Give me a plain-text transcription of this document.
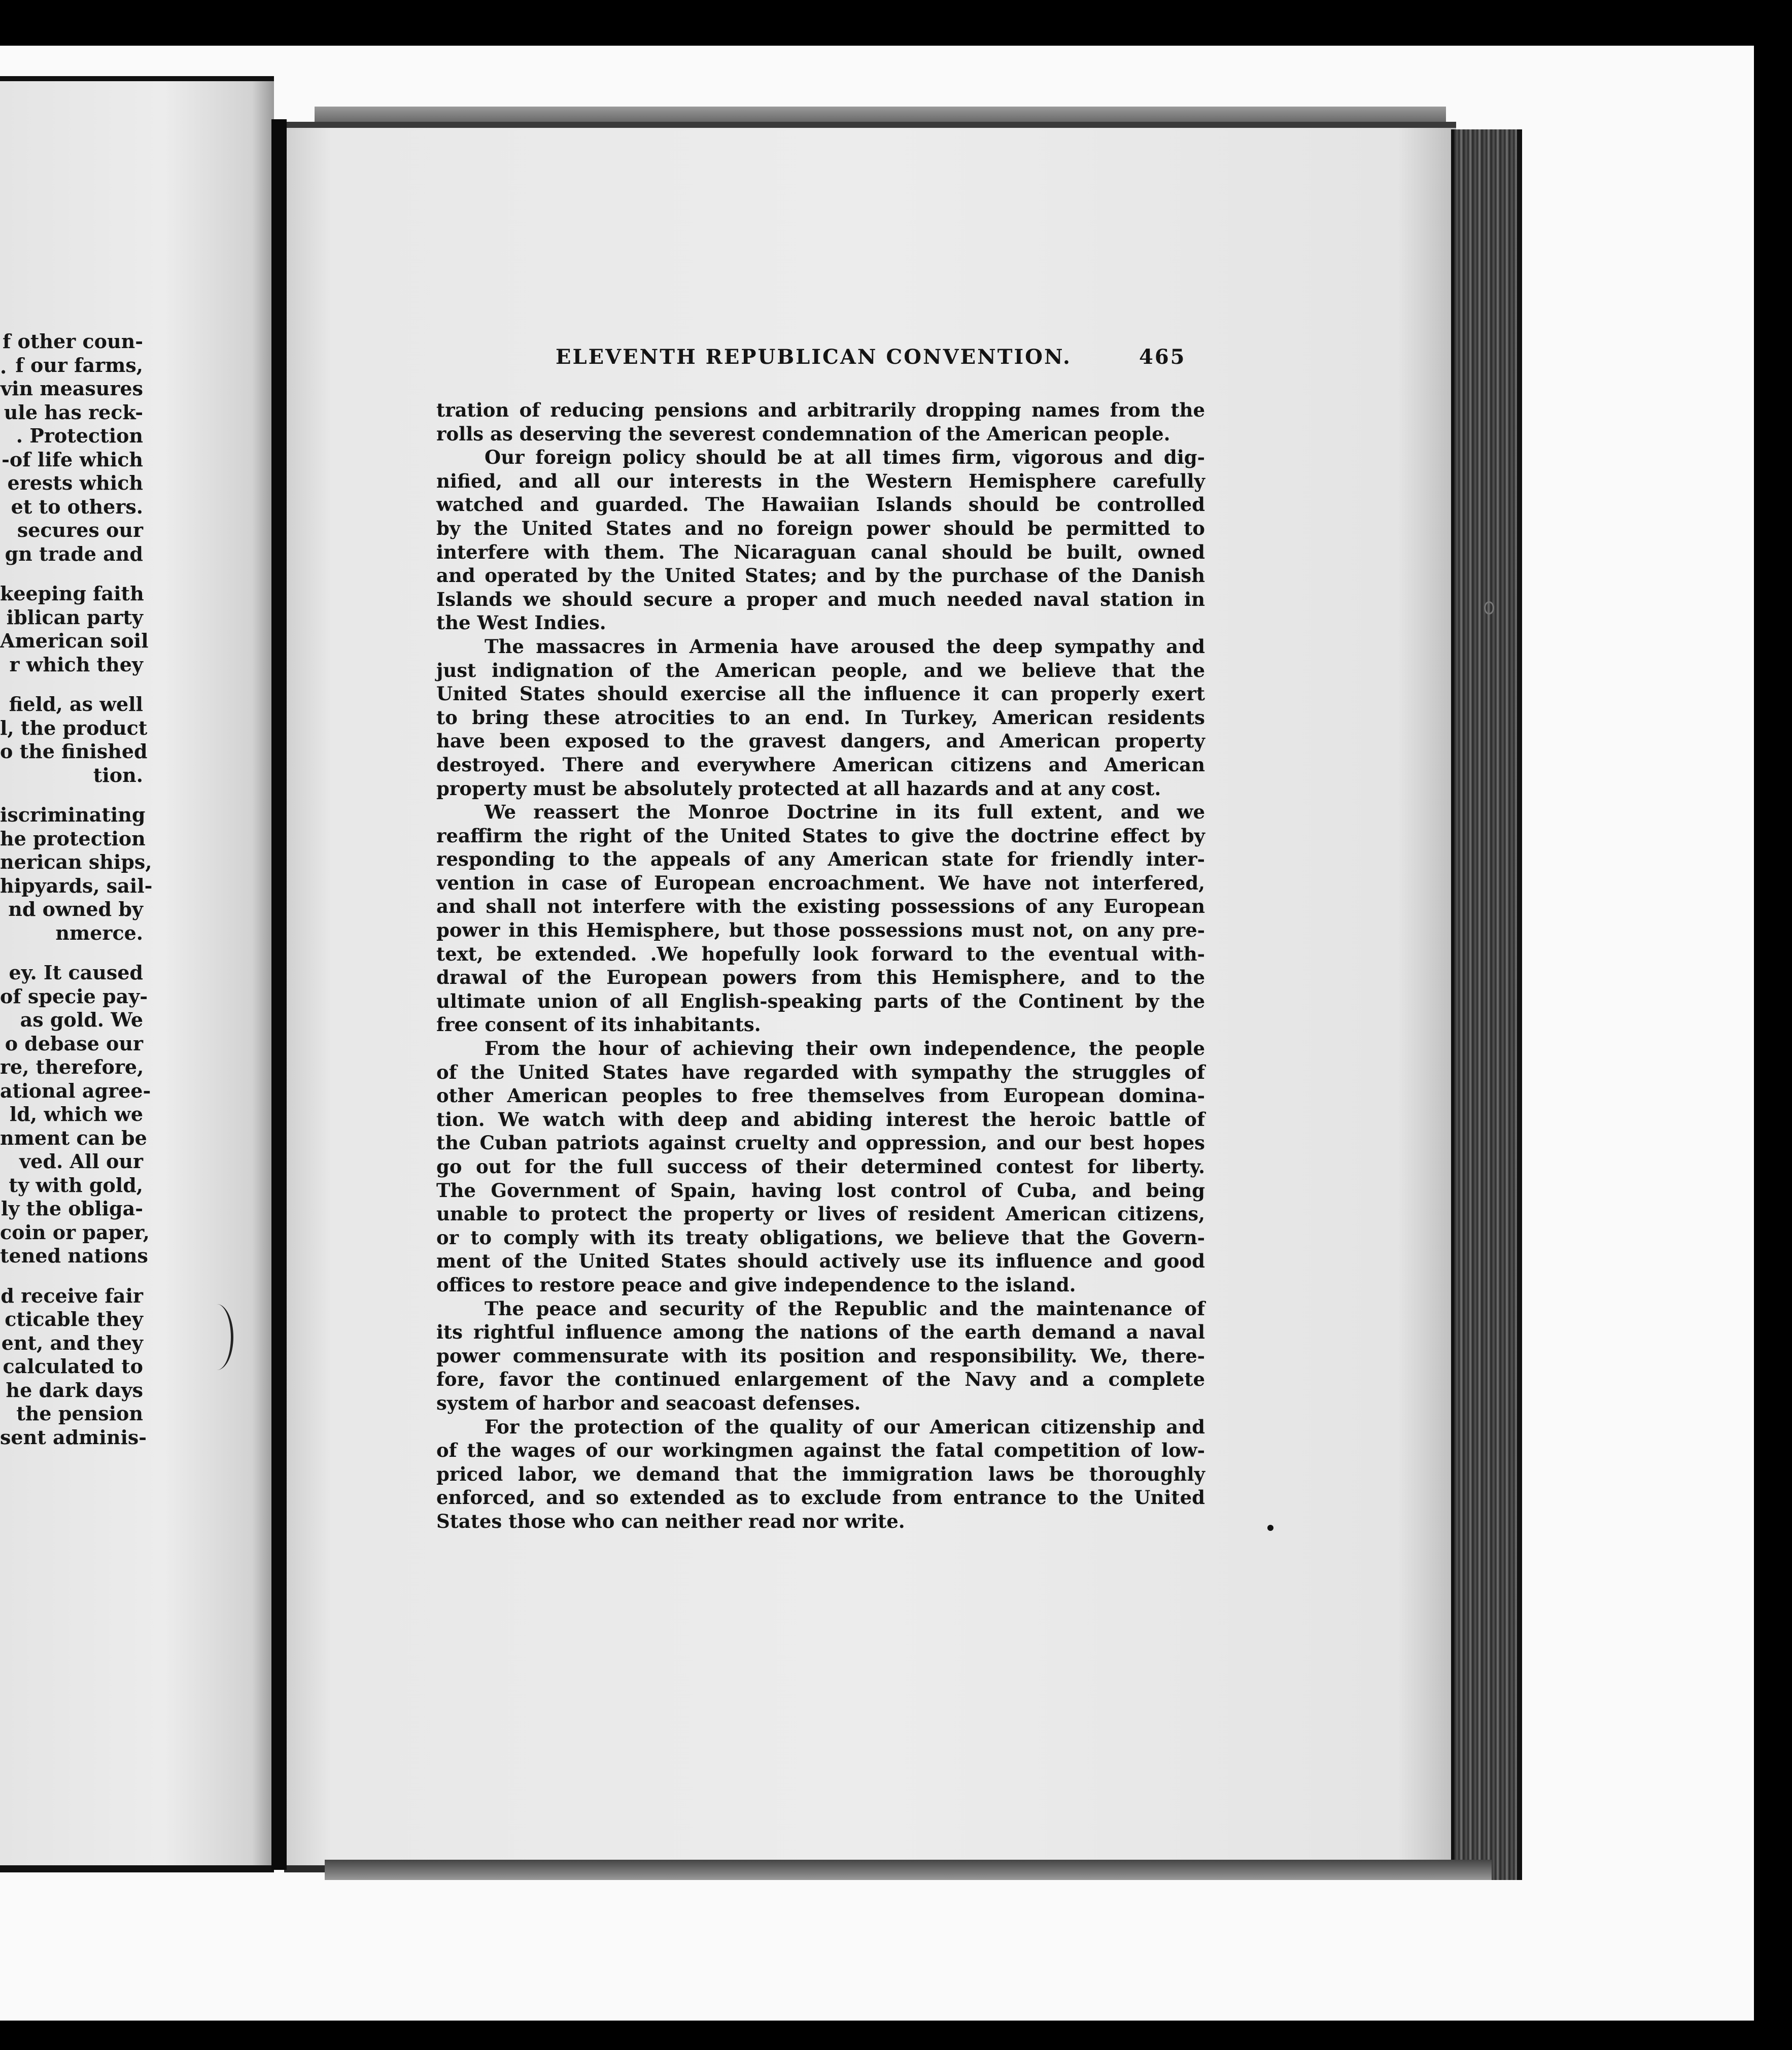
.
f other coun-
f our farms,
vin measures
ule has reck-
. Protection
-of life which
erests which
et to others.
secures our
gn trade and
keeping faith
iblican party
American soil
r which they
field, as well
l, the product
o the finished
tion.
iscriminating
he protection
nerican ships,
hipyards, sail-
nd owned by
nmerce.
ey. It caused
of specie pay-
as gold. We
o debase our
re, therefore,
ational agree-
ld, which we
nment can be
ved. All our
ty with gold,
ly the obliga-
coin or paper,
tened nations
d receive fair
cticable they
ent, and they
calculated to
he dark days
the pension
sent adminis-
ELEVENTH REPUBLICAN CONVENTION.	465
tration of reducing pensions and arbitrarily dropping names from the
rolls as deserving the severest condemnation of the American people.
Our foreign policy should be at all times firm, vigorous and dig-
nified, and all our interests in the Western Hemisphere carefully
watched and guarded. The Hawaiian Islands should be controlled
by the United States and no foreign power should be permitted to
interfere with them. The Nicaraguan canal should be built, owned
and operated by the United States; and by the purchase of the Danish
Islands we should secure a proper and much needed naval station in
the West Indies.
The massacres in Armenia have aroused the deep sympathy and
just indignation of the American people, and we believe that the
United States should exercise all the influence it can properly exert
to bring these atrocities to an end. In Turkey, American residents
have been exposed to the gravest dangers, and American property
destroyed. There and everywhere American citizens and American
property must be absolutely protected at all hazards and at any cost.
We reassert the Monroe Doctrine in its full extent, and we
reaffirm the right of the United States to give the doctrine effect by
responding to the appeals of any American state for friendly inter-
vention in case of European encroachment. We have not interfered,
and shall not interfere with the existing possessions of any European
power in this Hemisphere, but those possessions must not, on any pre-
text, be extended. .We hopefully look forward to the eventual with-
drawal of the European powers from this Hemisphere, and to the
ultimate union of all English-speaking parts of the Continent by the
free consent of its inhabitants.
From the hour of achieving their own independence, the people
of the United States have regarded with sympathy the struggles of
other American peoples to free themselves from European domina-
tion. We watch with deep and abiding interest the heroic battle of
the Cuban patriots against cruelty and oppression, and our best hopes
go out for the full success of their determined contest for liberty.
The Government of Spain, having lost control of Cuba, and being
unable to protect the property or lives of resident American citizens,
or to comply with its treaty obligations, we believe that the Govern-
ment of the United States should actively use its influence and good
offices to restore peace and give independence to the island.
The peace and security of the Republic and the maintenance of
its rightful influence among the nations of the earth demand a naval
power commensurate with its position and responsibility. We, there-
fore, favor the continued enlargement of the Navy and a complete
system of harbor and seacoast defenses.
For the protection of the quality of our American citizenship and
of the wages of our workingmen against the fatal competition of low-
priced labor, we demand that the immigration laws be thoroughly
enforced, and so extended as to exclude from entrance to the United
States those who can neither read nor write.
